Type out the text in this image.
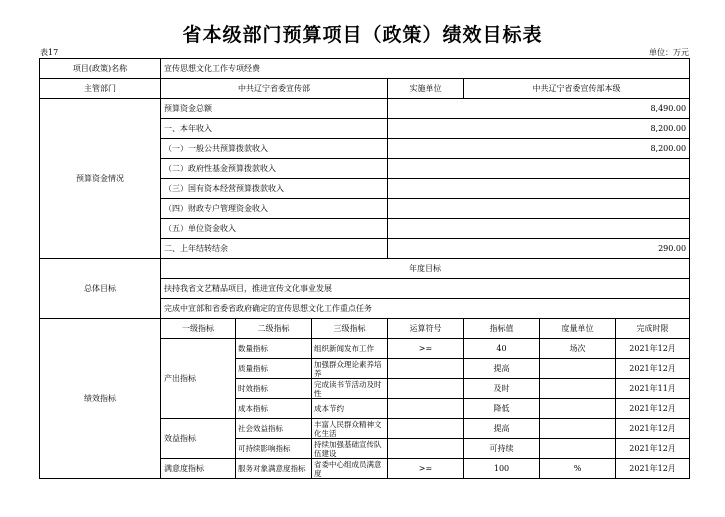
省本级部门预算项目（政策）绩效目标表
表17	单位：万元
项目(政策)名称	宣传思想文化工作专项经费						
主管部门	中共辽宁省委宣传部			实施单位	中共辽宁省委宣传部本级		
预算资金情况	预算资金总额			8,490.00			
	一、本年收入			8,200.00			
	（一）一般公共预算拨款收入			8,200.00			
	（二）政府性基金预算拨款收入						
	（三）国有资本经营预算拨款收入						
	（四）财政专户管理资金收入						
	（五）单位资金收入						
	二、上年结转结余			290.00			
总体目标	年度目标						
	扶持我省文艺精品项目，推进宣传文化事业发展						
	完成中宣部和省委省政府确定的宣传思想文化工作重点任务						
绩效指标	一级指标	二级指标	三级指标	运算符号	指标值	度量单位	完成时限
	产出指标	数量指标	组织新闻发布工作	>=	40	场次	2021年12月
		质量指标	加强群众理论素养培养		提高		2021年12月
		时效指标	完成读书节活动及时性		及时		2021年11月
		成本指标	成本节约		降低		2021年12月
	效益指标	社会效益指标	丰富人民群众精神文化生活		提高		2021年12月
		可持续影响指标	持续加强基础宣传队伍建设		可持续		2021年12月
	满意度指标	服务对象满意度指标	省委中心组成员满意度	>=	100	%	2021年12月
